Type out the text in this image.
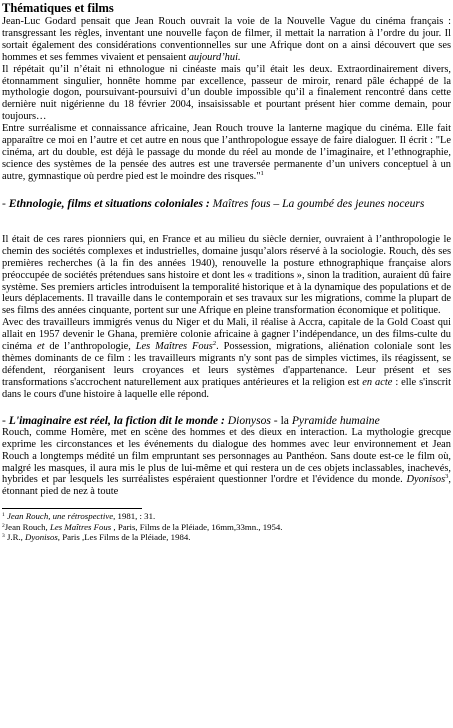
Thématiques et films

Jean-Luc Godard pensait que Jean Rouch ouvrait la voie de la Nouvelle Vague du cinéma français : transgressant les règles, inventant une nouvelle façon de filmer, il mettait la narration à l’ordre du jour. Il sortait également des considérations conventionnelles sur une Afrique dont on a ainsi découvert que ses hommes et ses femmes vivaient et pensaient aujourd’hui.

Il répétait qu’il n’était ni ethnologue ni cinéaste mais qu’il était les deux. Extraordinairement divers, étonnamment singulier, honnête homme par excellence, passeur de miroir, renard pâle échappé de la mythologie dogon, poursuivant-poursuivi d’un double impossible qu’il a finalement rencontré dans cette dernière nuit nigérienne du 18 février 2004, insaisissable et pourtant présent hier comme demain, pour toujours…

Entre surréalisme et connaissance africaine, Jean Rouch trouve la lanterne magique du cinéma. Elle fait apparaître ce moi en l’autre et cet autre en nous que l’anthropologue essaye de faire dialoguer. Il écrit : "Le cinéma, art du double, est déjà le passage du monde du réel au monde de l’imaginaire, et l’ethnographie, science des systèmes de la pensée des autres est une traversée permanente d’un univers conceptuel à un autre, gymnastique où perdre pied est le moindre des risques."$^1$

- Ethnologie, films et situations coloniales : Maîtres fous – La goumbé des jeunes noceurs

Il était de ces rares pionniers qui, en France et au milieu du siècle dernier, ouvraient à l’anthropologie le chemin des sociétés complexes et industrielles, domaine jusqu’alors réservé à la sociologie. Rouch, dès ses premières recherches (à la fin des années 1940), renouvelle la posture ethnographique française alors préoccupée de sociétés prétendues sans histoire et dont les « traditions », sinon la tradition, auraient dû faire système. Ses premiers articles introduisent la temporalité historique et à la dynamique des populations et de leurs déplacements. Il travaille dans le contemporain et ses travaux sur les migrations, comme la plupart de ses films des années cinquante, portent sur une Afrique en pleine transformation économique et politique.

Avec des travailleurs immigrés venus du Niger et du Mali, il réalise à Accra, capitale de la Gold Coast qui allait en 1957 devenir le Ghana, première colonie africaine à gagner l’indépendance, un des films-culte du cinéma et de l’anthropologie, Les Maîtres Fous$^2$. Possession, migrations, aliénation coloniale sont les thèmes dominants de ce film : les travailleurs migrants n'y sont pas de simples victimes, ils réagissent, se défendent, réorganisent leurs croyances et leurs systèmes d'appartenance. Leur présent et ses transformations s'accrochent naturellement aux pratiques antérieures et la religion est en acte : elle s'inscrit dans le cours d'une histoire à laquelle elle répond.

- L'imaginaire est réel, la fiction dit le monde : Dionysos - la Pyramide humaine

Rouch, comme Homère, met en scène des hommes et des dieux en interaction. La mythologie grecque exprime les circonstances et les événements du dialogue des hommes avec leur environnement et Jean Rouch a longtemps médité un film empruntant ses personnages au Panthéon. Sans doute est-ce le film où, malgré les masques, il aura mis le plus de lui-même et qui restera un de ces objets inclassables, inachevés, hybrides et par lesquels les surréalistes espéraient questionner l'ordre et l'évidence du monde. Dyonisos$^3$, étonnant pied de nez à toute

$^1$ Jean Rouch, une rétrospective, 1981, : 31.

$^2$Jean Rouch, Les Maîtres Fous , Paris, Films de la Pléiade, 16mm,33mn., 1954.

$^3$ J.R., Dyonisos, Paris ,Les Films de la Pléiade, 1984.
